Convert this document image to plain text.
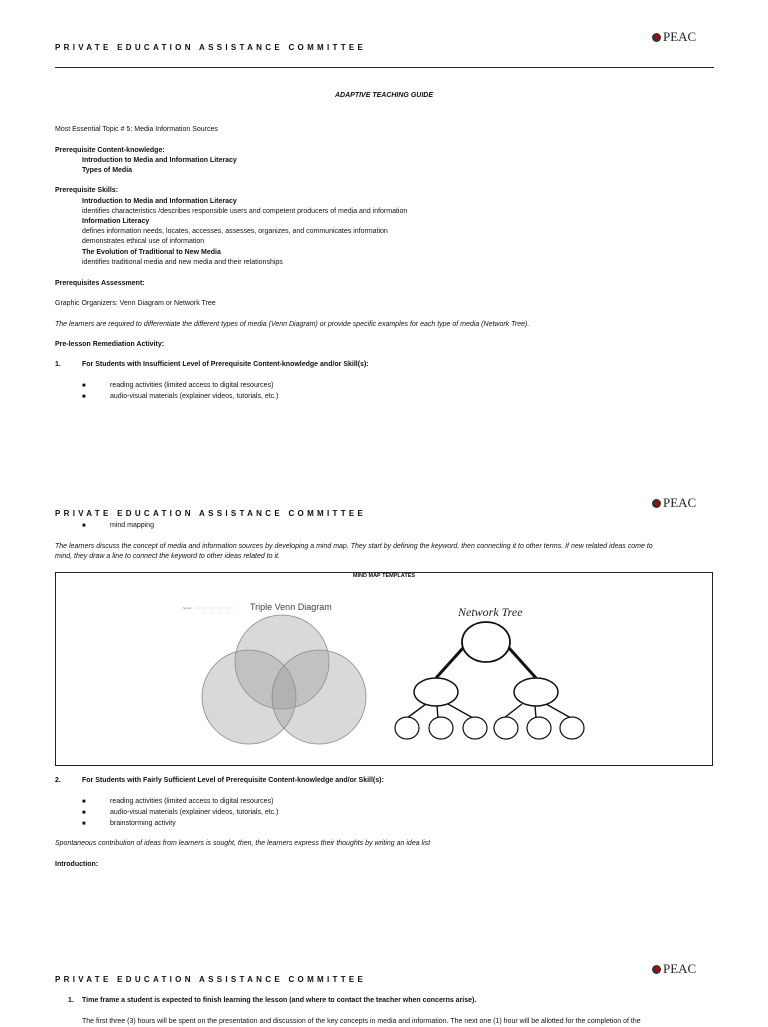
PRIVATE EDUCATION ASSISTANCE COMMITTEE
PEAC
ADAPTIVE TEACHING GUIDE
Most Essential Topic # 5: Media Information Sources
Prerequisite Content-knowledge:
Introduction to Media and Information Literacy
Types of Media
Prerequisite Skills:
Introduction to Media and Information Literacy
identifies characteristics /describes responsible users and competent producers of media and information
Information Literacy
defines information needs, locates, accesses, assesses, organizes, and communicates information
demonstrates ethical use of information
The Evolution of Traditional to New Media
identifies traditional media and new media and their relationships
Prerequisites Assessment:
Graphic Organizers: Venn Diagram or Network Tree
The learners are required to differentiate the different types of media (Venn Diagram) or provide specific examples for each type of media (Network Tree).
Pre-lesson Remediation Activity:
1.	For Students with Insufficient Level of Prerequisite Content-knowledge and/or Skill(s):
■	reading activities (limited access to digital resources)
■	audio-visual materials (explainer videos, tutorials, etc.)
PRIVATE EDUCATION ASSISTANCE COMMITTEE
PEAC
■	mind mapping
The learners discuss the concept of media and information sources by developing a mind map. They start by defining the keyword, then connecting it to other terms. If new related ideas come to
mind, they draw a line to connect the keyword to other ideas related to it.
MIND MAP TEMPLATES
Name:	Triple Venn Diagram	Network Tree
2.	For Students with Fairly Sufficient Level of Prerequisite Content-knowledge and/or Skill(s):
■	reading activities (limited access to digital resources)
■	audio-visual materials (explainer videos, tutorials, etc.)
■	brainstorming activity
Spontaneous contribution of ideas from learners is sought, then, the learners express their thoughts by writing an idea list
Introduction:
PRIVATE EDUCATION ASSISTANCE COMMITTEE
PEAC
1. Time frame a student is expected to finish learning the lesson (and where to contact the teacher when concerns arise).
The first three (3) hours will be spent on the presentation and discussion of the key concepts in media and information. The next one (1) hour will be allotted for the completion of the
